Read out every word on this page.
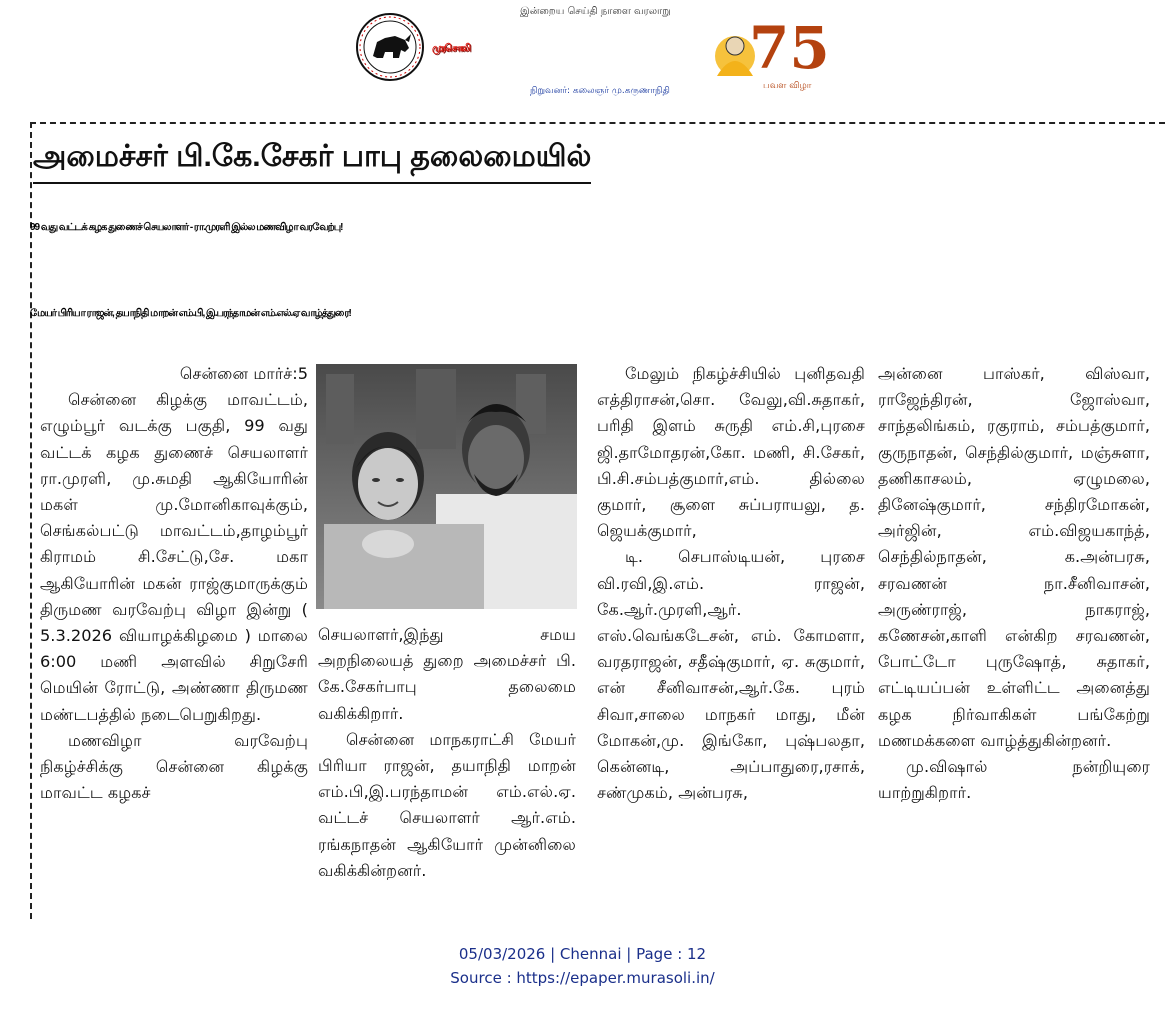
இன்றைய செய்தி நாளை வரலாறு
முரசொலி
நிறுவனர்: கலைஞர் மு.கருணாநிதி
75
பவள விழா
அமைச்சர் பி.கே.சேகர் பாபு தலைமையில்
99 வது வட்டக் கழக துணைச் செயலாளர் - ரா.முரளி இல்ல மணவிழா வரவேற்பு!
மேயர் பிரியா ராஜன், தயாநிதி மாறன் எம்.பி, இ.பரந்தாமன் எம்.எல்.ஏ வாழ்த்துரை!

சென்னை மார்ச்:5

சென்னை கிழக்கு மாவட்டம், எழும்பூர் வடக்கு பகுதி, 99 வது வட்டக் கழக துணைச் செயலாளர் ரா.முரளி, மு.சுமதி ஆகியோரின் மகள் மு.மோனிகாவுக்கும், செங்கல்பட்டு மாவட்டம்,தாழம்பூர் கிராமம் சி.சேட்டு,சே. மகா ஆகியோரின் மகன் ராஜ்குமாருக்கும் திருமண வரவேற்பு விழா இன்று ( 5.3.2026 வியாழக்கிழமை ) மாலை 6:00 மணி அளவில் சிறுசேரி மெயின் ரோட்டு, அண்ணா திருமண மண்டபத்தில் நடைபெறுகிறது.

மணவிழா வரவேற்பு நிகழ்ச்சிக்கு சென்னை கிழக்கு மாவட்ட கழகச்

செயலாளர்,இந்து சமய அறநிலையத் துறை அமைச்சர் பி. கே.சேகர்பாபு தலைமை வகிக்கிறார்.

சென்னை மாநகராட்சி மேயர் பிரியா ராஜன், தயாநிதி மாறன் எம்.பி,இ.பரந்தாமன் எம்.எல்.ஏ. வட்டச் செயலாளர் ஆர்.எம். ரங்கநாதன் ஆகியோர் முன்னிலை வகிக்கின்றனர்.

மேலும் நிகழ்ச்சியில் புனிதவதி எத்திராசன்,சொ. வேலு,வி.சுதாகர், பரிதி இளம் சுருதி எம்.சி,புரசை ஜி.தாமோதரன்,கோ. மணி, சி.சேகர், பி.சி.சம்பத்குமார்,எம். தில்லை குமார், சூளை சுப்பராயலு, த. ஜெயக்குமார்,

டி. செபாஸ்டியன், புரசை வி.ரவி,இ.எம். ராஜன், கே.ஆர்.முரளி,ஆர். எஸ்.வெங்கடேசன், எம். கோமளா, வரதராஜன், சதீஷ்குமார், ஏ. சுகுமார், என் சீனிவாசன்,ஆர்.கே. புரம் சிவா,சாலை மாநகர் மாது, மீன் மோகன்,மு. இங்கோ, புஷ்பலதா, கென்னடி, அப்பாதுரை,ரசாக், சண்முகம், அன்பரசு,

அன்னை பாஸ்கர், விஸ்வா, ராஜேந்திரன், ஜோஸ்வா, சாந்தலிங்கம், ரகுராம், சம்பத்குமார், குருநாதன், செந்தில்குமார், மஞ்சுளா, தணிகாசலம், ஏழுமலை, தினேஷ்குமார், சந்திரமோகன், அர்ஜின், எம்.விஜயகாந்த், செந்தில்நாதன், க.அன்பரசு, சரவணன் நா.சீனிவாசன், அருண்ராஜ், நாகராஜ், கணேசன்,காளி என்கிற சரவணன், போட்டோ புருஷோத், சுதாகர், எட்டியப்பன் உள்ளிட்ட அனைத்து கழக நிர்வாகிகள் பங்கேற்று மணமக்களை வாழ்த்துகின்றனர்.

மு.விஷால் நன்றியுரை யாற்றுகிறார்.

05/03/2026 | Chennai | Page : 12
Source : https://epaper.murasoli.in/
